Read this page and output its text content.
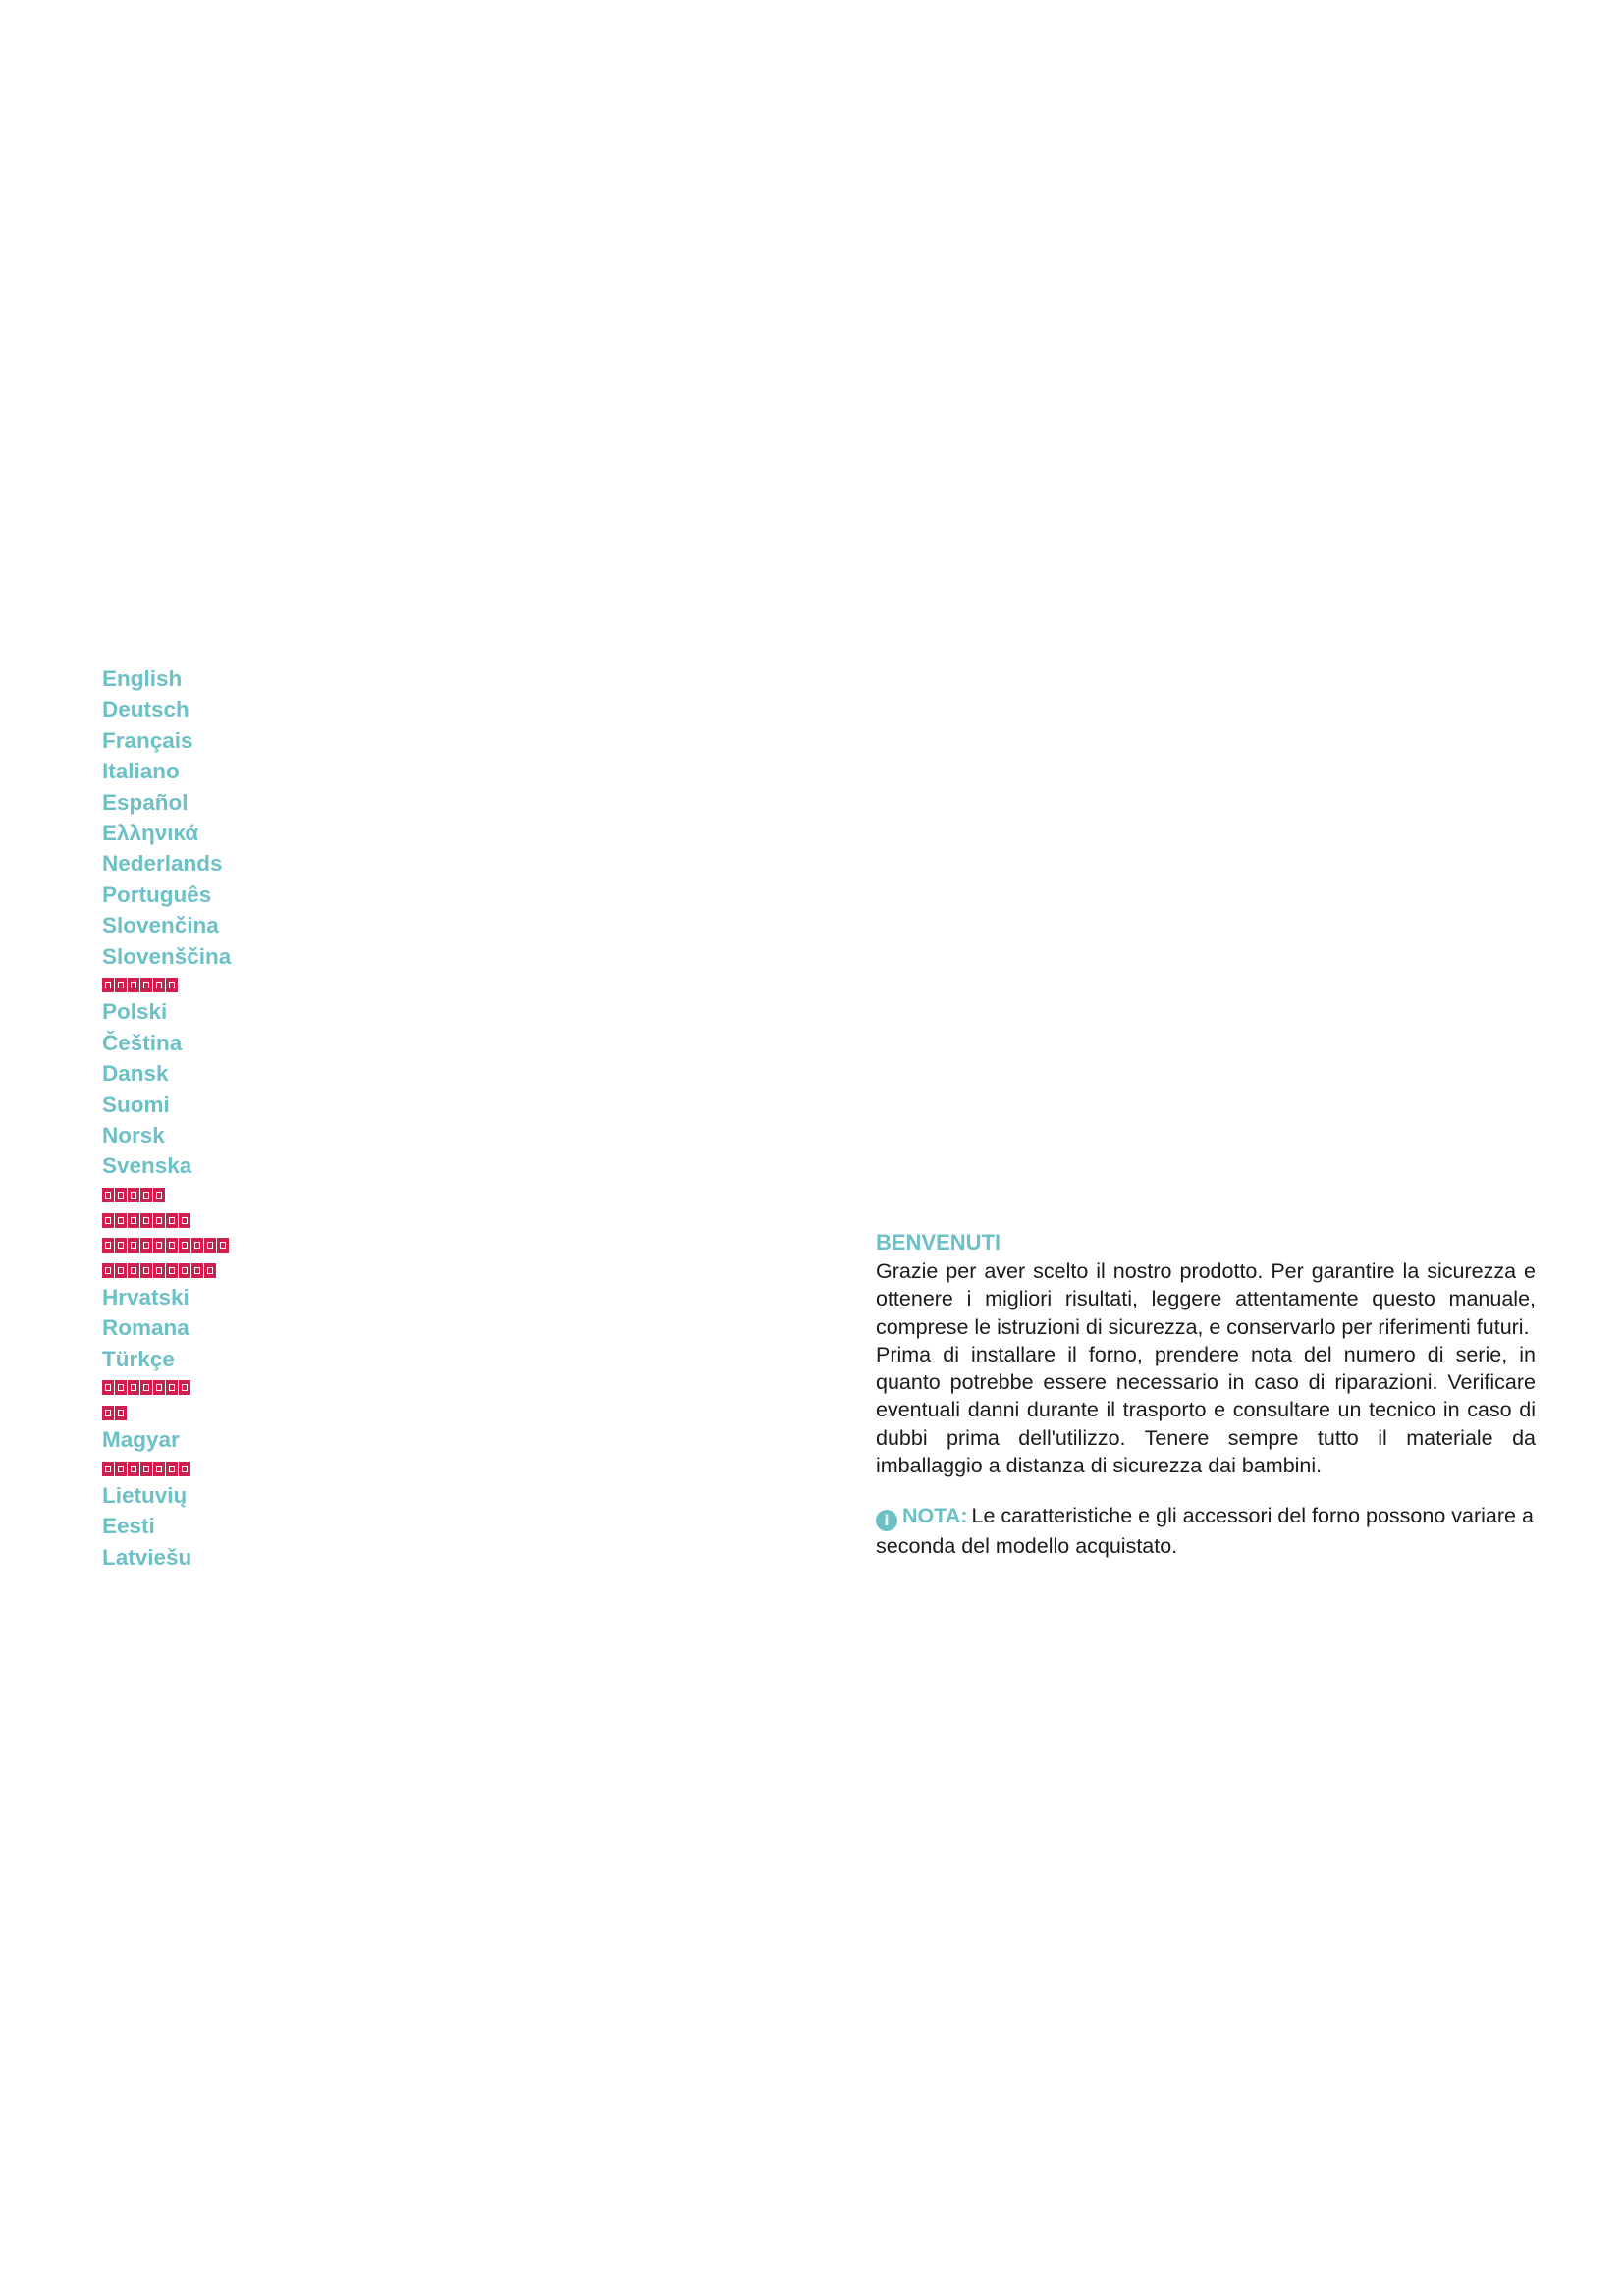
English
Deutsch
Français
Italiano
Español
Ελληνικά
Nederlands
Português
Slovenčina
Slovenščina
Polski
Čeština
Dansk
Suomi
Norsk
Svenska
Hrvatski
Romana
Türkçe
Magyar
Lietuvių
Eesti
Latviešu
BENVENUTI

Grazie per aver scelto il nostro prodotto. Per garantire la sicurezza e ottenere i migliori risultati, leggere attentamente questo manuale, comprese le istruzioni di sicurezza, e conservarlo per riferimenti futuri.

Prima di installare il forno, prendere nota del numero di serie, in quanto potrebbe essere necessario in caso di riparazioni. Verificare eventuali danni durante il trasporto e consultare un tecnico in caso di dubbi prima dell'utilizzo. Tenere sempre tutto il materiale da imballaggio a distanza di sicurezza dai bambini.

i NOTA: Le caratteristiche e gli accessori del forno possono variare a seconda del modello acquistato.
